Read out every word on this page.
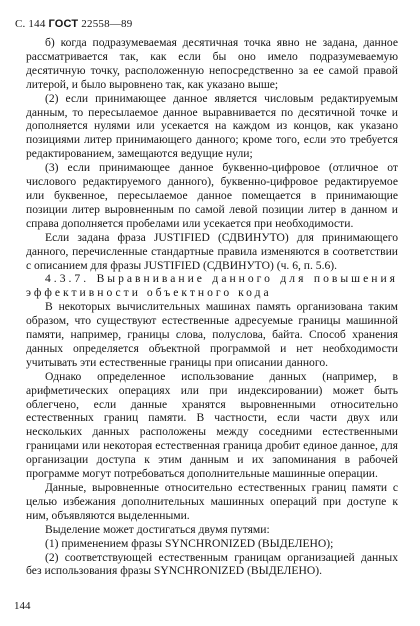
С. 144 ГОСТ 22558—89

б) когда подразумеваемая десятичная точка явно не задана, данное рассматривается так, как если бы оно имело подразумеваемую десятичную точку, расположенную непосредственно за ее самой правой литерой, и было выровнено так, как указано выше;

(2) если принимающее данное является числовым редактируемым данным, то пересылаемое данное выравнивается по десятичной точке и дополняется нулями или усекается на каждом из концов, как указано позициями литер принимающего данного; кроме того, если это требуется редактированием, замещаются ведущие нули;

(3) если принимающее данное буквенно-цифровое (отличное от числового редактируемого данного), буквенно-цифровое редактируемое или буквенное, пересылаемое данное помещается в принимающие позиции литер выровненным по самой левой позиции литер в данном и справа дополняется пробелами или усекается при необходимости.

Если задана фраза JUSTIFIED (СДВИНУТО) для принимающего данного, перечисленные стандартные правила изменяются в соответствии с описанием для фразы JUSTIFIED (СДВИНУТО) (ч. 6, п. 5.6).

4.3.7. Выравнивание данного для повышения эффективности объектного кода

В некоторых вычислительных машинах память организована таким образом, что существуют естественные адресуемые границы машинной памяти, например, границы слова, полуслова, байта. Способ хранения данных определяется объектной программой и нет необходимости учитывать эти естественные границы при описании данного.

Однако определенное использование данных (например, в арифметических операциях или при индексировании) может быть облегчено, если данные хранятся выровненными относительно естественных границ памяти. В частности, если части двух или нескольких данных расположены между соседними естественными границами или некоторая естественная граница дробит единое данное, для организации доступа к этим данным и их запоминания в рабочей программе могут потребоваться дополнительные машинные операции.

Данные, выровненные относительно естественных границ памяти с целью избежания дополнительных машинных операций при доступе к ним, объявляются выделенными.

Выделение может достигаться двумя путями:

(1) применением фразы SYNCHRONIZED (ВЫДЕЛЕНО);

(2) соответствующей естественным границам организацией данных без использования фразы SYNCHRONIZED (ВЫДЕЛЕНО).

144
